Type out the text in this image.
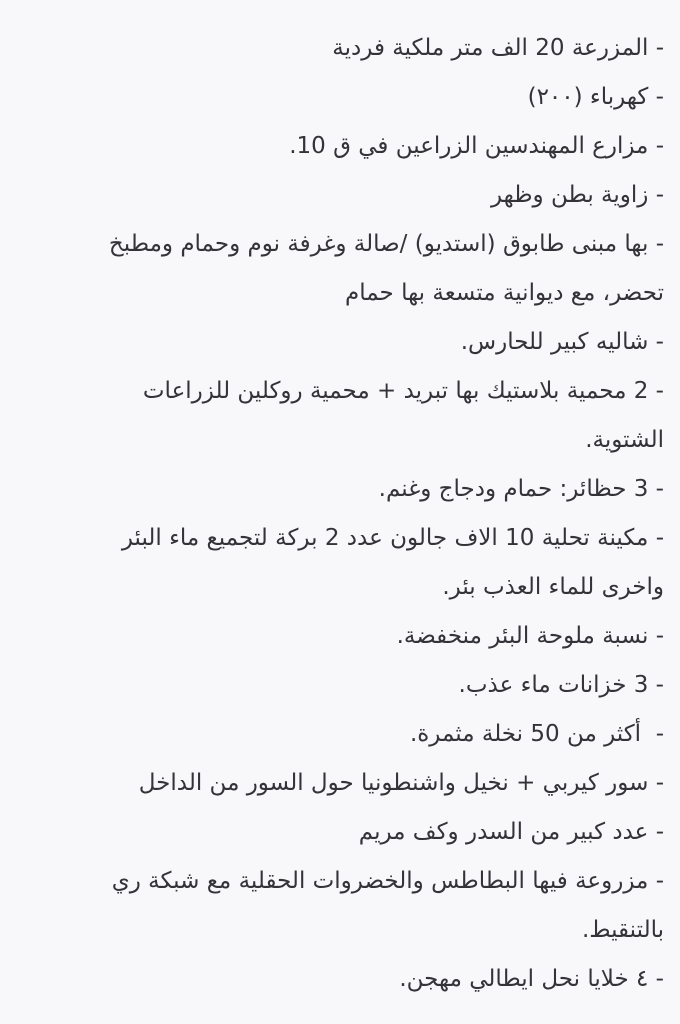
- المزرعة 20 الف متر ملكية فردية
- كهرباء (٢٠٠)
- مزارع المهندسين الزراعين في ق 10.
- زاوية بطن وظهر
- بها مبنى طابوق (استديو) /صالة وغرفة نوم وحمام ومطبخ
تحضر، مع ديوانية متسعة بها حمام
- شاليه كبير للحارس.
- 2 محمية بلاستيك بها تبريد + محمية روكلين للزراعات
الشتوية.
- 3 حظائر: حمام ودجاج وغنم.
- مكينة تحلية 10 الاف جالون عدد 2 بركة لتجميع ماء البئر
واخرى للماء العذب بئر.
- نسبة ملوحة البئر منخفضة.
- 3 خزانات ماء عذب.
-  أكثر من 50 نخلة مثمرة.
- سور كيربي + نخيل واشنطونيا حول السور من الداخل
- عدد كبير من السدر وكف مريم
- مزروعة فيها البطاطس والخضروات الحقلية مع شبكة ري
بالتنقيط.
- ٤ خلايا نحل ايطالي مهجن.
